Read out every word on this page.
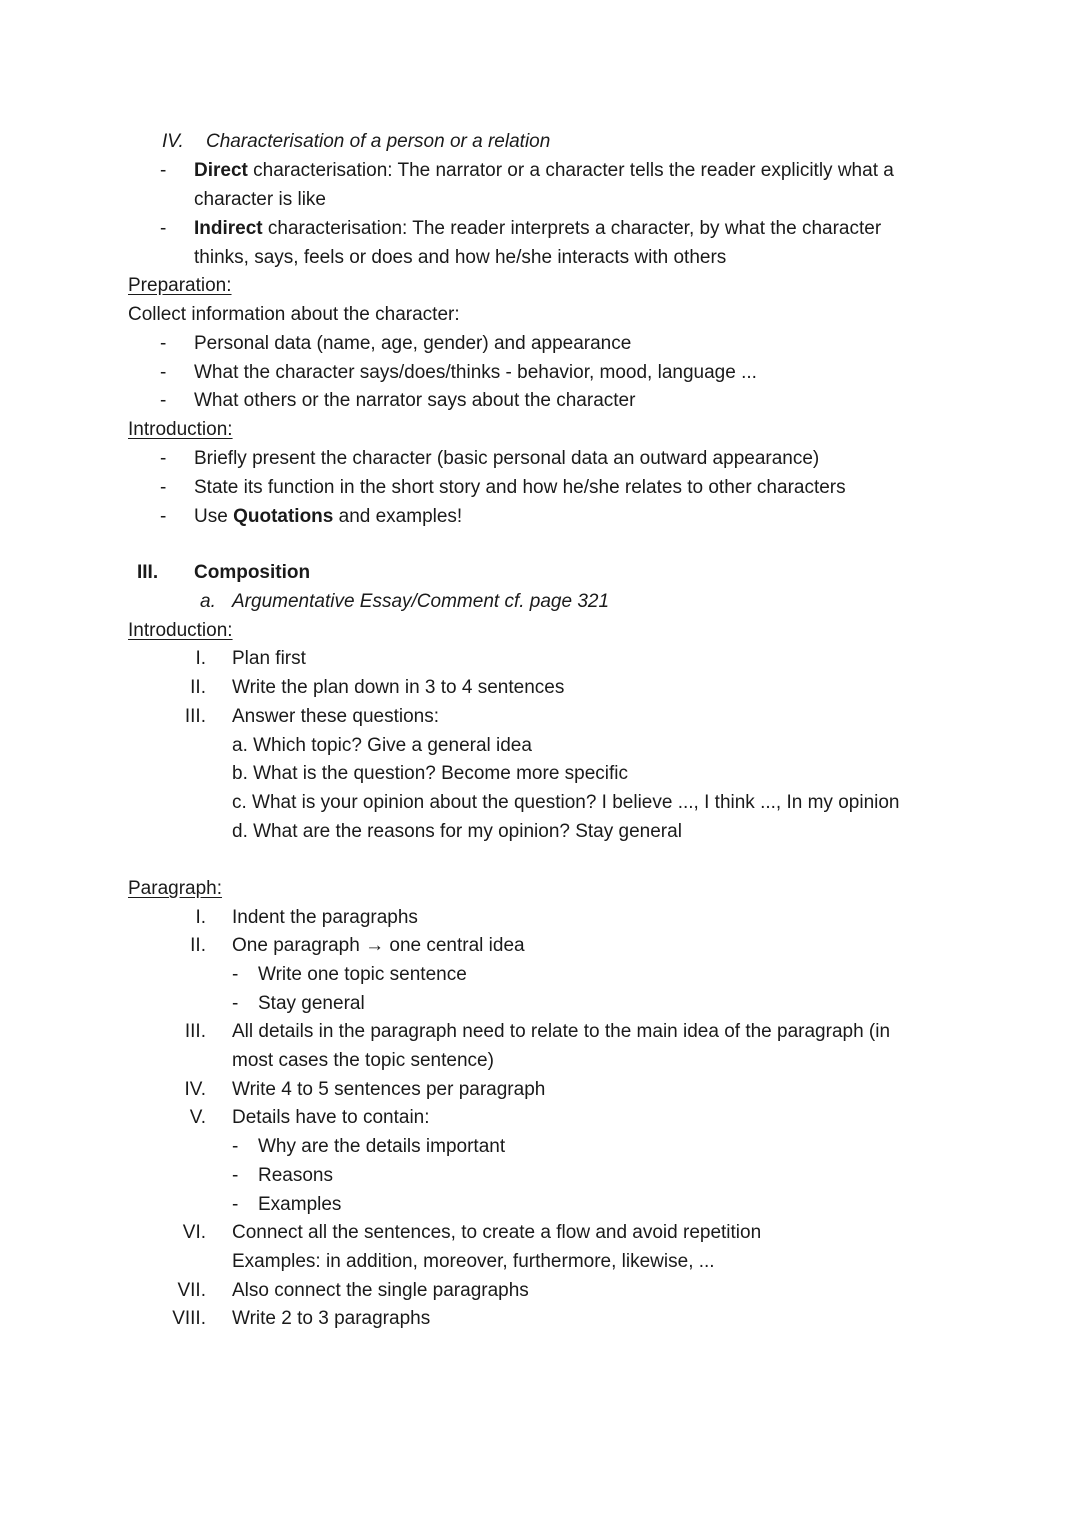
IV. Characterisation of a person or a relation
- Direct characterisation: The narrator or a character tells the reader explicitly what a
character is like
- Indirect characterisation: The reader interprets a character, by what the character
thinks, says, feels or does and how he/she interacts with others
Preparation:
Collect information about the character:
- Personal data (name, age, gender) and appearance
- What the character says/does/thinks - behavior, mood, language ...
- What others or the narrator says about the character
Introduction:
- Briefly present the character (basic personal data an outward appearance)
- State its function in the short story and how he/she relates to other characters
- Use Quotations and examples!
III. Composition
a. Argumentative Essay/Comment cf. page 321
Introduction:
I. Plan first
II. Write the plan down in 3 to 4 sentences
III. Answer these questions:
a. Which topic? Give a general idea
b. What is the question? Become more specific
c. What is your opinion about the question? I believe ..., I think ..., In my opinion
d. What are the reasons for my opinion? Stay general
Paragraph:
I. Indent the paragraphs
II. One paragraph → one central idea
- Write one topic sentence
- Stay general
III. All details in the paragraph need to relate to the main idea of the paragraph (in
most cases the topic sentence)
IV. Write 4 to 5 sentences per paragraph
V. Details have to contain:
- Why are the details important
- Reasons
- Examples
VI. Connect all the sentences, to create a flow and avoid repetition
Examples: in addition, moreover, furthermore, likewise, ...
VII. Also connect the single paragraphs
VIII. Write 2 to 3 paragraphs
